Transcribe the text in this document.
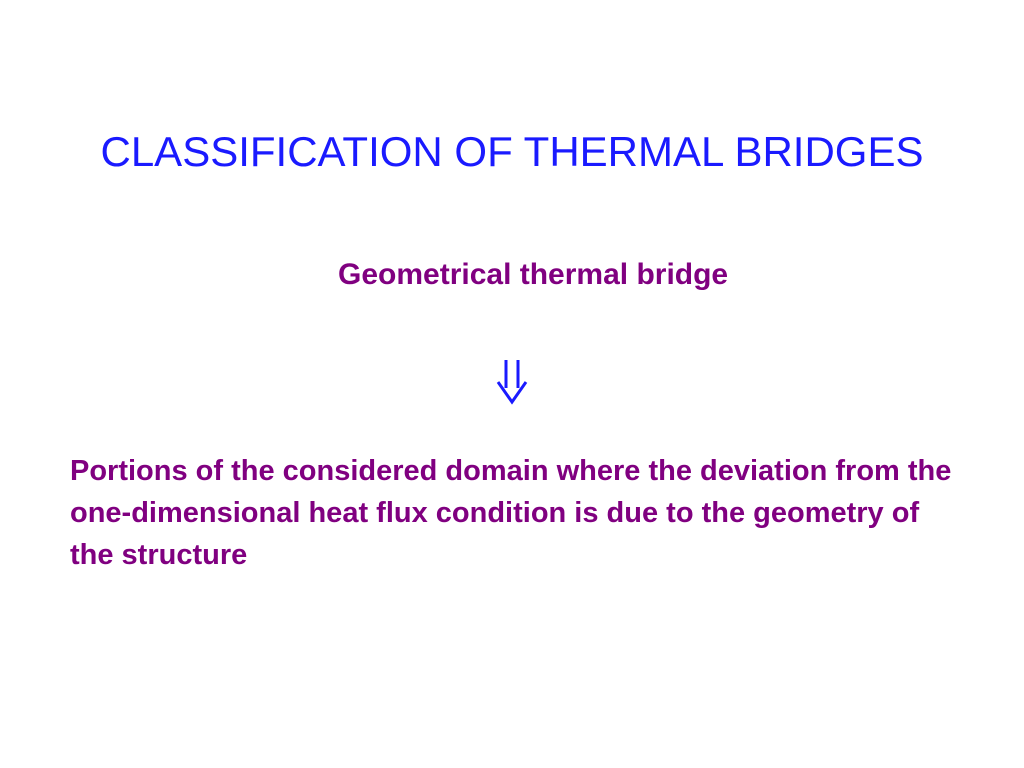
CLASSIFICATION OF THERMAL BRIDGES
Geometrical thermal bridge
Portions of the considered domain where the deviation from the one-dimensional heat flux condition is due to the geometry of the structure
